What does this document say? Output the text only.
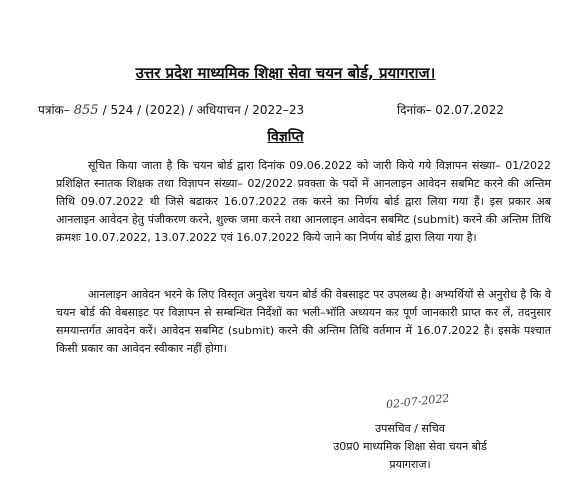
उत्तर प्रदेश माध्यमिक शिक्षा सेवा चयन बोर्ड, प्रयागराज।
पत्रांक– 855 / 524 / (2022) / अधियाचन / 2022–23	दिनांक– 02.07.2022
विज्ञप्ति
सूचित किया जाता है कि चयन बोर्ड द्वारा दिनांक 09.06.2022 को जारी किये गये विज्ञापन संख्या– 01/2022 प्रशिक्षित स्नातक शिक्षक तथा विज्ञापन संख्या– 02/2022 प्रवक्ता के पदों में आनलाइन आवेदन सबमिट करने की अन्तिम तिथि 09.07.2022 थी जिसे बढाकर 16.07.2022 तक करने का निर्णय बोर्ड द्वारा लिया गया हैं। इस प्रकार अब आनलाइन आवेदन हेतु पंजीकरण करने, शुल्क जमा करने तथा आनलाइन आवेदन सबमिट (submit) करने की अन्तिम तिथि क्रमशः 10.07.2022, 13.07.2022 एवं 16.07.2022 किये जाने का निर्णय बोर्ड द्वारा लिया गया है।
आनलाइन आवेदन भरने के लिए विस्तृत अनुदेश चयन बोर्ड की वेबसाइट पर उपलब्ध है। अभ्यर्थियों से अनुरोध है कि वे चयन बोर्ड की वेबसाइट पर विज्ञापन से सम्बन्धित निर्देशों का भली–भॉति अध्ययन कर पूर्ण जानकारी प्राप्त कर लें, तदनुसार समयान्तर्गत आवदेन करें। आवेदन सबमिट (submit) करने की अन्तिम तिथि वर्तमान में 16.07.2022 है। इसके पश्चात किसी प्रकार का आवेदन स्वीकार नहीं होगा।
02-07-2022
उपसचिव / सचिव
उ0प्र0 माध्यमिक शिक्षा सेवा चयन बोर्ड
प्रयागराज।
